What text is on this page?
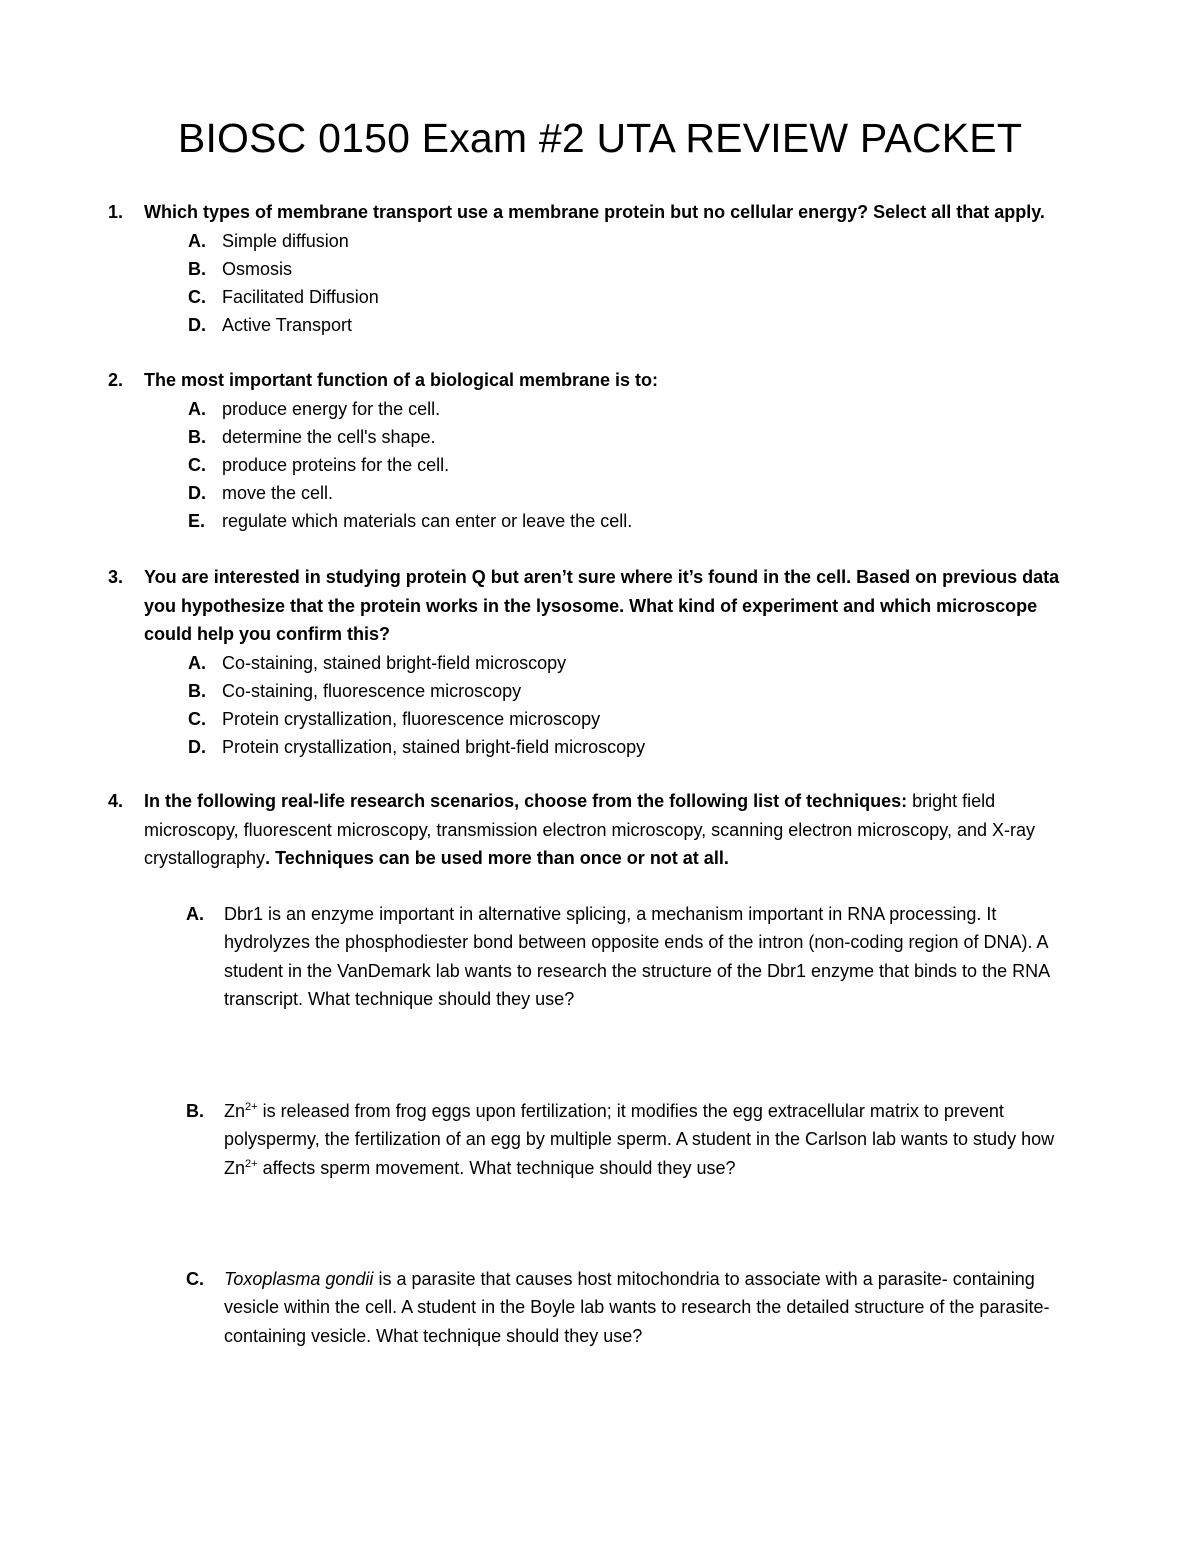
BIOSC 0150 Exam #2 UTA REVIEW PACKET
1. Which types of membrane transport use a membrane protein but no cellular energy? Select all that apply.
A. Simple diffusion
B. Osmosis
C. Facilitated Diffusion
D. Active Transport
2. The most important function of a biological membrane is to:
A. produce energy for the cell.
B. determine the cell's shape.
C. produce proteins for the cell.
D. move the cell.
E. regulate which materials can enter or leave the cell.
3. You are interested in studying protein Q but aren’t sure where it’s found in the cell. Based on previous data you hypothesize that the protein works in the lysosome. What kind of experiment and which microscope could help you confirm this?
A. Co-staining, stained bright-field microscopy
B. Co-staining, fluorescence microscopy
C. Protein crystallization, fluorescence microscopy
D. Protein crystallization, stained bright-field microscopy
4. In the following real-life research scenarios, choose from the following list of techniques: bright field microscopy, fluorescent microscopy, transmission electron microscopy, scanning electron microscopy, and X-ray crystallography. Techniques can be used more than once or not at all.
A.	Dbr1 is an enzyme important in alternative splicing, a mechanism important in RNA processing. It hydrolyzes the phosphodiester bond between opposite ends of the intron (non-coding region of DNA). A student in the VanDemark lab wants to research the structure of the Dbr1 enzyme that binds to the RNA transcript. What technique should they use?
B.	$Zn^{2+}$ is released from frog eggs upon fertilization; it modifies the egg extracellular matrix to prevent polyspermy, the fertilization of an egg by multiple sperm. A student in the Carlson lab wants to study how $Zn^{2+}$ affects sperm movement. What technique should they use?
C.	Toxoplasma gondii is a parasite that causes host mitochondria to associate with a parasite- containing vesicle within the cell. A student in the Boyle lab wants to research the detailed structure of the parasite- containing vesicle. What technique should they use?
